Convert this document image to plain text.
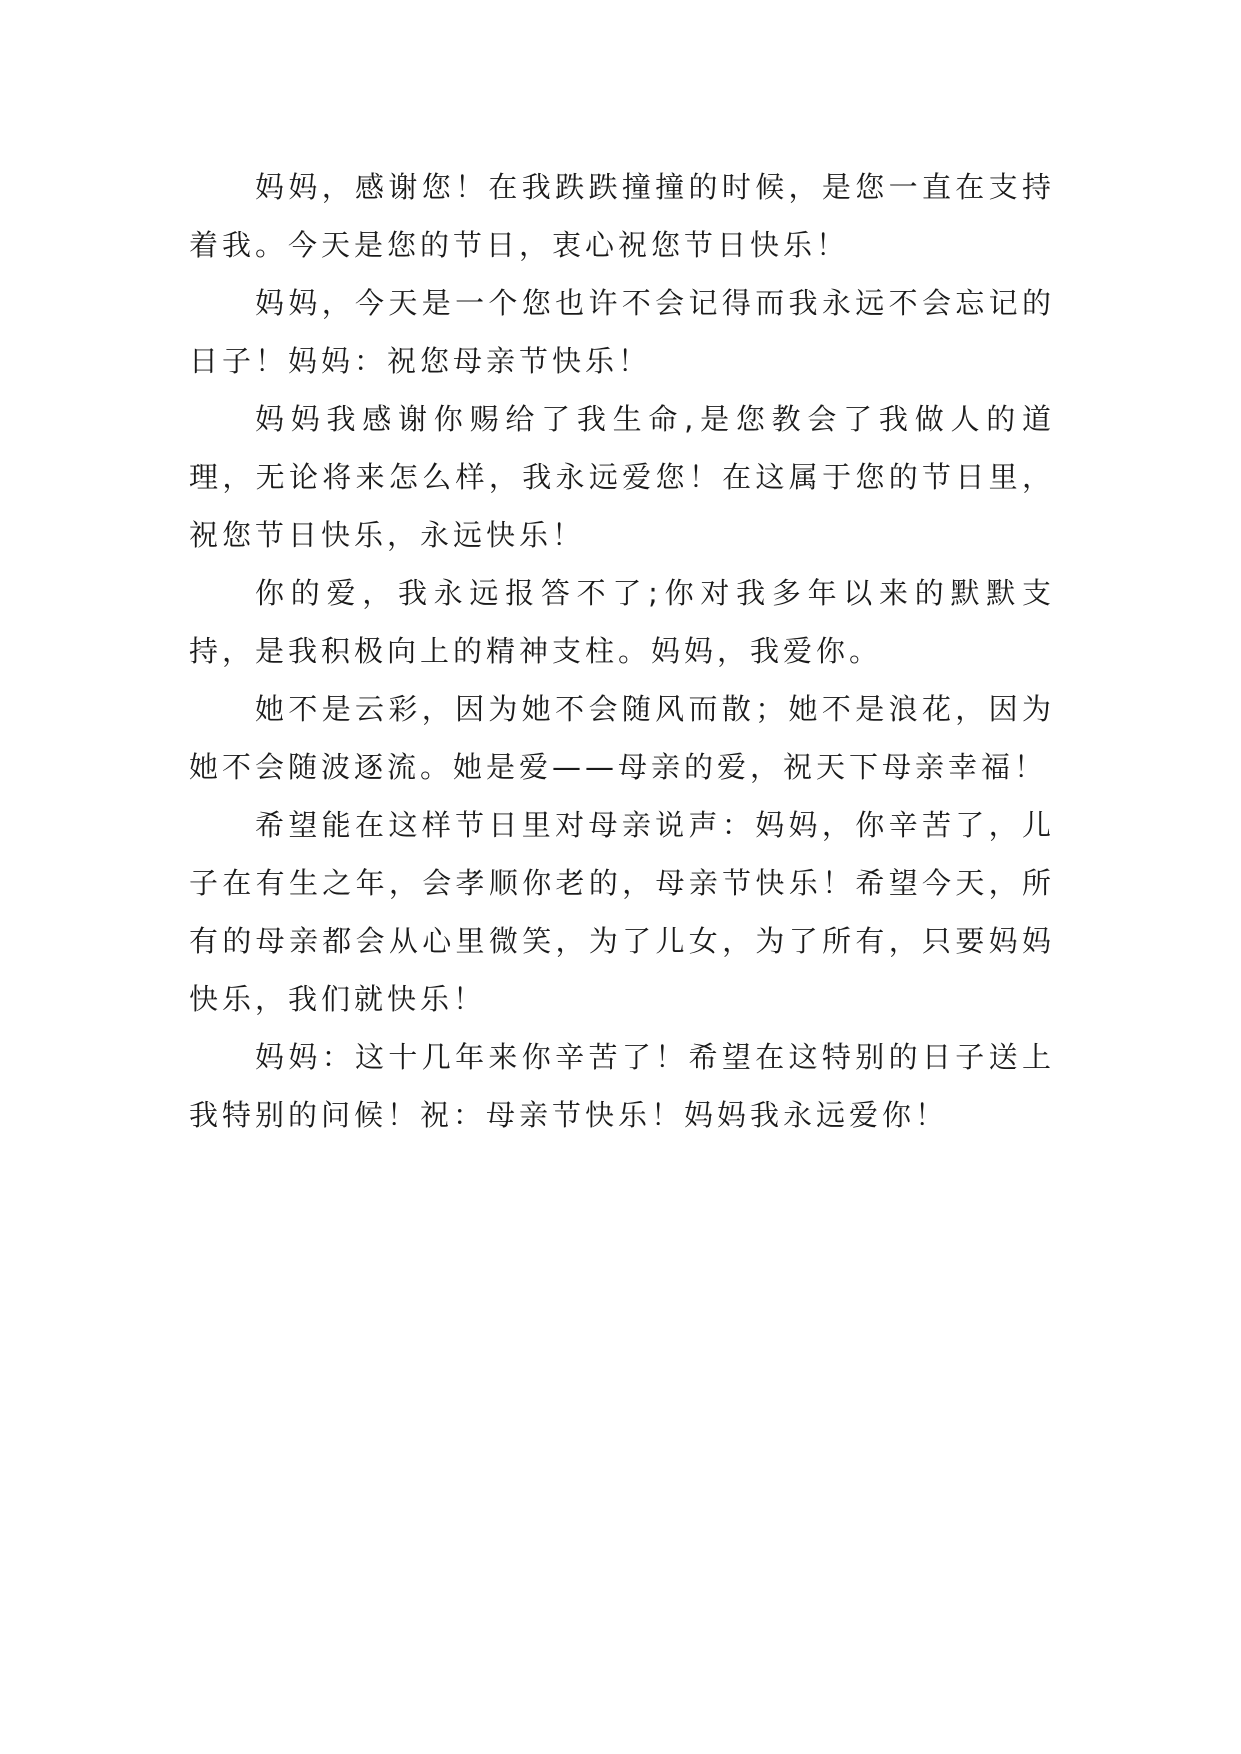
妈妈，感谢您！在我跌跌撞撞的时候，是您一直在支持着我。今天是您的节日，衷心祝您节日快乐！

妈妈，今天是一个您也许不会记得而我永远不会忘记的日子！妈妈：祝您母亲节快乐！

妈妈我感谢你赐给了我生命,是您教会了我做人的道理，无论将来怎么样，我永远爱您！在这属于您的节日里，祝您节日快乐，永远快乐！

你的爱，我永远报答不了;你对我多年以来的默默支持，是我积极向上的精神支柱。妈妈，我爱你。

她不是云彩，因为她不会随风而散；她不是浪花，因为她不会随波逐流。她是爱——母亲的爱，祝天下母亲幸福！

希望能在这样节日里对母亲说声：妈妈，你辛苦了，儿子在有生之年，会孝顺你老的，母亲节快乐！希望今天，所有的母亲都会从心里微笑，为了儿女，为了所有，只要妈妈快乐，我们就快乐！

妈妈：这十几年来你辛苦了！希望在这特别的日子送上我特别的问候！祝：母亲节快乐！妈妈我永远爱你！
